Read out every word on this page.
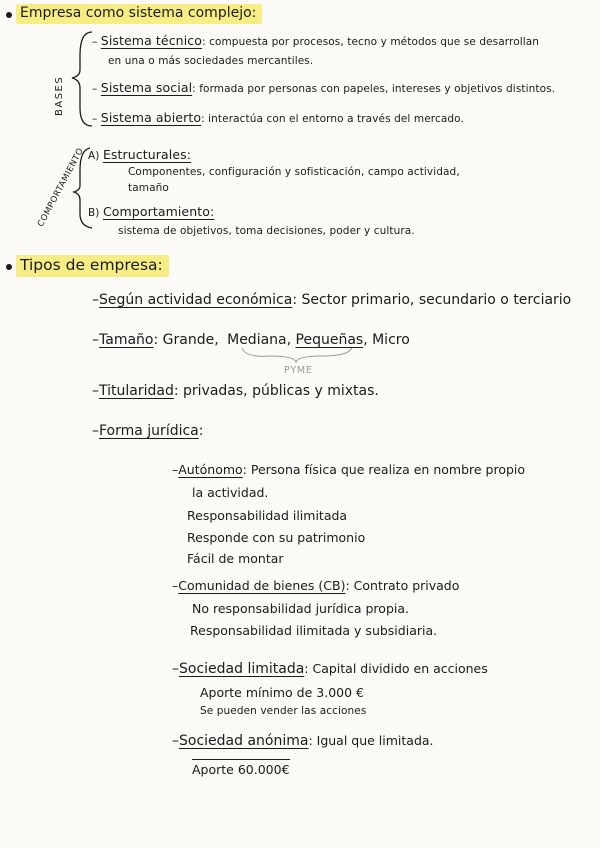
Empresa como sistema complejo:
BASES
– Sistema técnico: compuesta por procesos, tecno y métodos que se desarrollan
en una o más sociedades mercantiles.
– Sistema social: formada por personas con papeles, intereses y objetivos distintos.
– Sistema abierto: interactúa con el entorno a través del mercado.
COMPORTAMIENTO A) Estructurales:
Componentes, configuración y sofisticación, campo actividad,
tamaño
B) Comportamiento:
sistema de objetivos, toma decisiones, poder y cultura.
Tipos de empresa:
–Según actividad económica: Sector primario, secundario o terciario
–Tamaño: Grande, Mediana, Pequeñas, Micro
PYME
–Titularidad: privadas, públicas y mixtas.
–Forma jurídica:
–Autónomo: Persona física que realiza en nombre propio
la actividad.
Responsabilidad ilimitada
Responde con su patrimonio
Fácil de montar
–Comunidad de bienes (CB): Contrato privado
No responsabilidad jurídica propia.
Responsabilidad ilimitada y subsidiaria.
–Sociedad limitada: Capital dividido en acciones
Aporte mínimo de 3.000 €
Se pueden vender las acciones
–Sociedad anónima: Igual que limitada.
Aporte 60.000€
